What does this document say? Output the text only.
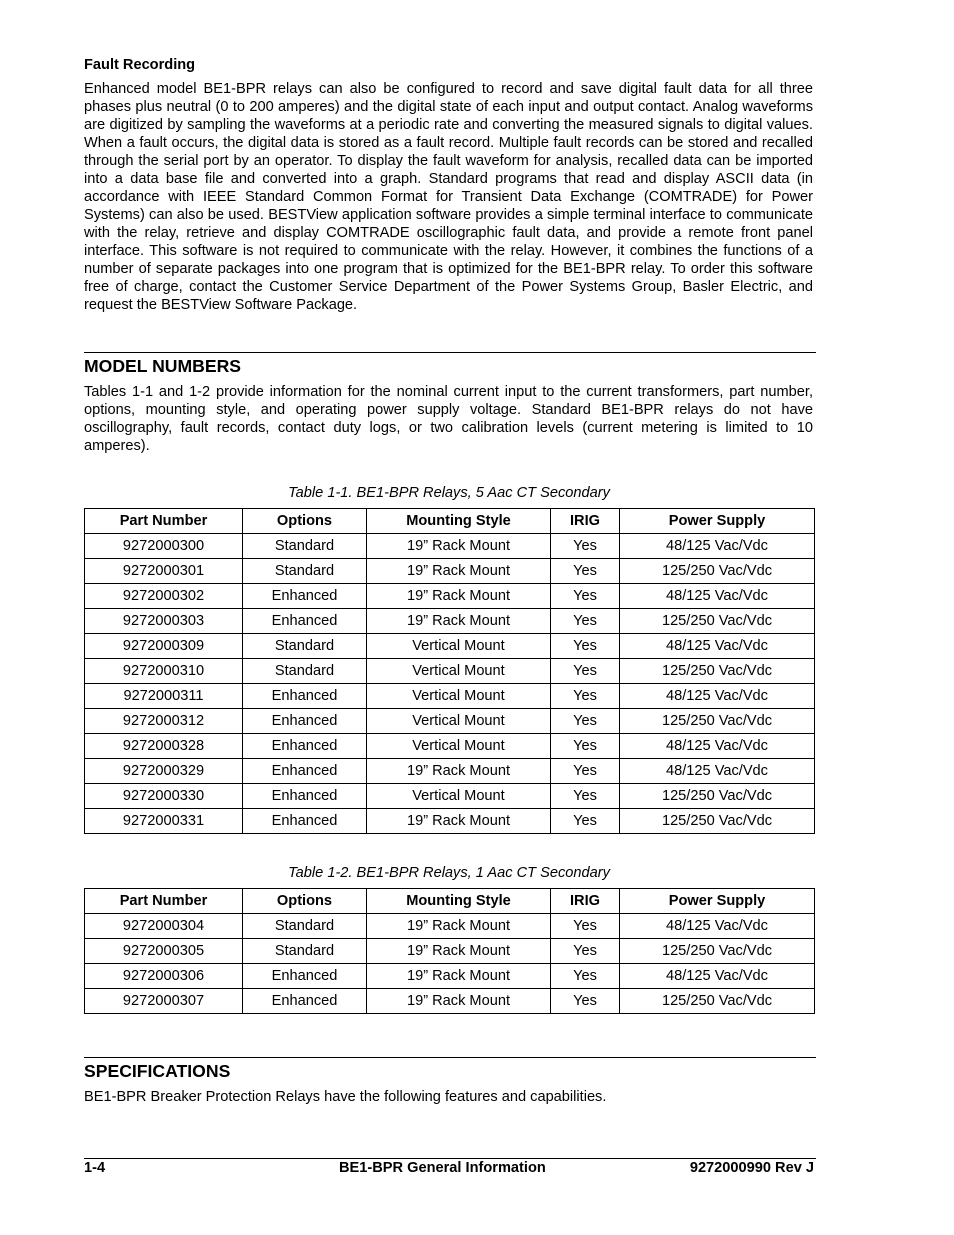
Fault Recording

Enhanced model BE1-BPR relays can also be configured to record and save digital fault data for all three phases plus neutral (0 to 200 amperes) and the digital state of each input and output contact. Analog waveforms are digitized by sampling the waveforms at a periodic rate and converting the measured signals to digital values. When a fault occurs, the digital data is stored as a fault record. Multiple fault records can be stored and recalled through the serial port by an operator. To display the fault waveform for analysis, recalled data can be imported into a data base file and converted into a graph. Standard programs that read and display ASCII data (in accordance with IEEE Standard Common Format for Transient Data Exchange (COMTRADE) for Power Systems) can also be used. BESTView application software provides a simple terminal interface to communicate with the relay, retrieve and display COMTRADE oscillographic fault data, and provide a remote front panel interface. This software is not required to communicate with the relay. However, it combines the functions of a number of separate packages into one program that is optimized for the BE1-BPR relay. To order this software free of charge, contact the Customer Service Department of the Power Systems Group, Basler Electric, and request the BESTView Software Package.

MODEL NUMBERS

Tables 1-1 and 1-2 provide information for the nominal current input to the current transformers, part number, options, mounting style, and operating power supply voltage. Standard BE1-BPR relays do not have oscillography, fault records, contact duty logs, or two calibration levels (current metering is limited to 10 amperes).

Table 1-1. BE1-BPR Relays, 5 Aac CT Secondary
Part Number	Options	Mounting Style	IRIG	Power Supply
9272000300	Standard	19” Rack Mount	Yes	48/125 Vac/Vdc
9272000301	Standard	19” Rack Mount	Yes	125/250 Vac/Vdc
9272000302	Enhanced	19” Rack Mount	Yes	48/125 Vac/Vdc
9272000303	Enhanced	19” Rack Mount	Yes	125/250 Vac/Vdc
9272000309	Standard	Vertical Mount	Yes	48/125 Vac/Vdc
9272000310	Standard	Vertical Mount	Yes	125/250 Vac/Vdc
9272000311	Enhanced	Vertical Mount	Yes	48/125 Vac/Vdc
9272000312	Enhanced	Vertical Mount	Yes	125/250 Vac/Vdc
9272000328	Enhanced	Vertical Mount	Yes	48/125 Vac/Vdc
9272000329	Enhanced	19” Rack Mount	Yes	48/125 Vac/Vdc
9272000330	Enhanced	Vertical Mount	Yes	125/250 Vac/Vdc
9272000331	Enhanced	19” Rack Mount	Yes	125/250 Vac/Vdc
Table 1-2. BE1-BPR Relays, 1 Aac CT Secondary
Part Number	Options	Mounting Style	IRIG	Power Supply
9272000304	Standard	19” Rack Mount	Yes	48/125 Vac/Vdc
9272000305	Standard	19” Rack Mount	Yes	125/250 Vac/Vdc
9272000306	Enhanced	19” Rack Mount	Yes	48/125 Vac/Vdc
9272000307	Enhanced	19” Rack Mount	Yes	125/250 Vac/Vdc
SPECIFICATIONS

BE1-BPR Breaker Protection Relays have the following features and capabilities.

1-4	BE1-BPR General Information	9272000990 Rev J
